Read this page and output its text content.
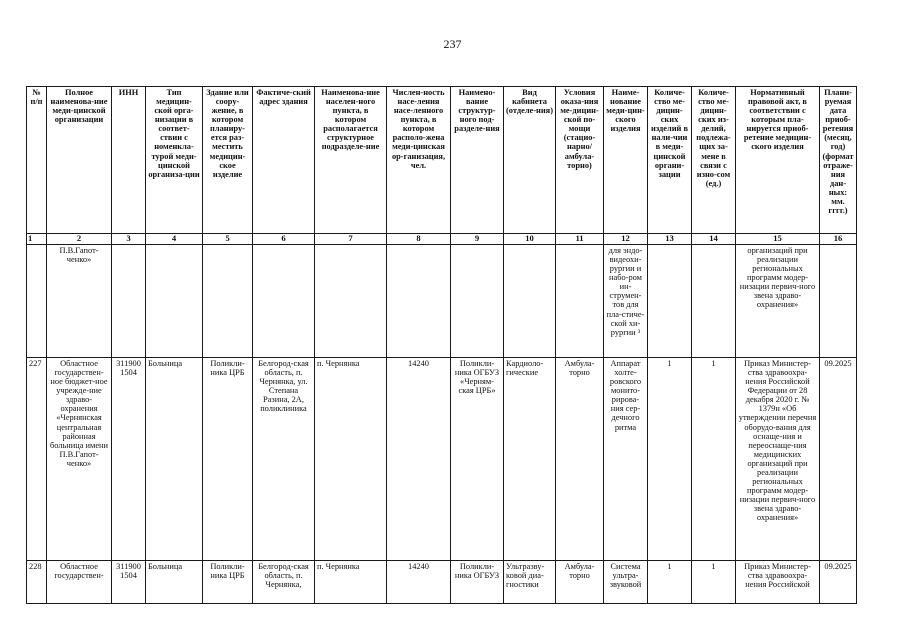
237
№ п/п	Полное наименова-ние меди-цинской организации	ИНН	Тип медицин-ской орга-низации в соответ-ствии с номенкла-турой меди-цинской организа-ции	Здание или соору-жение, в котором планиру-ется раз-местить медицин-ское изделие	Фактиче-ский адрес здания	Наименова-ние населен-ного пункта, в котором располагается структурное подразделе-ние	Числен-ность насе-ления насе-ленного пункта, в котором располо-жена меди-цинская ор-ганизация, чел.	Наимено-вание структур-ного под-разделе-ния	Вид кабинета (отделе-ния)	Условия оказа-ния ме-дицин-ской по-мощи (стацио-нарно/амбула-торно)	Наиме-нование меди-цин-ского изделия	Количе-ство ме-дицин-ских изделий в нали-чии в меди-цинской органи-зации	Количе-ство ме-дицин-ских из-делий, подлежа-щих за-мене в связи с изно-сом (ед.)	Нормативный правовой акт, в соответствии с которым пла-нируется приоб-ретение медицин-ского изделия	Плани-руемая дата приоб-ретения (месяц, год) (формат отраже-ния дан-ных: мм. гггг.)
1	2	3	4	5	6	7	8	9	10	11	12	13	14	15	16
	П.В.Гапот-ченко»										для эндо-видеохи-рургии и набо-ром ин-струмен-тов для пла-стиче-ской хи-рургии ³			организаций при реализации региональных программ модер-низации первич-ного звена здраво-охранения»	
227	Областное государствен-ное бюджет-ное учрежде-ние здраво-охранения «Чернянская центральная районная больница имени П.В.Гапот-ченко»	311900 1504	Больница	Поликли-ника ЦРБ	Белгород-ская область, п. Чернянка, ул. Степана Разина, 2А, поликлиника	п. Чернянка	14240	Поликли-ника ОГБУЗ «Черням-ская ЦРБ»	Кардиоло-гические	Амбула-торно	Аппарат холте-ровского монито-рирова-ния сер-дечного ритма	1	1	Приказ Министер-ства здравоохра-нения Российской Федерации от 28 декабря 2020 г. № 1379н «Об утверждении перечня оборудо-вания для оснаще-ния и переоснаще-ния медицинских организаций при реализации региональных программ модер-низации первич-ного звена здраво-охранения»	09.2025
228	Областное государствен-	311900 1504	Больница	Поликли-ника ЦРБ	Белгород-ская область, п. Чернянка,	п. Чернянка	14240	Поликли-ника ОГБУЗ	Ультразву-ковой диа-гностики	Амбула-торно	Система ультра-звуковой	1	1	Приказ Министер-ства здравоохра-нения Российской	09.2025
